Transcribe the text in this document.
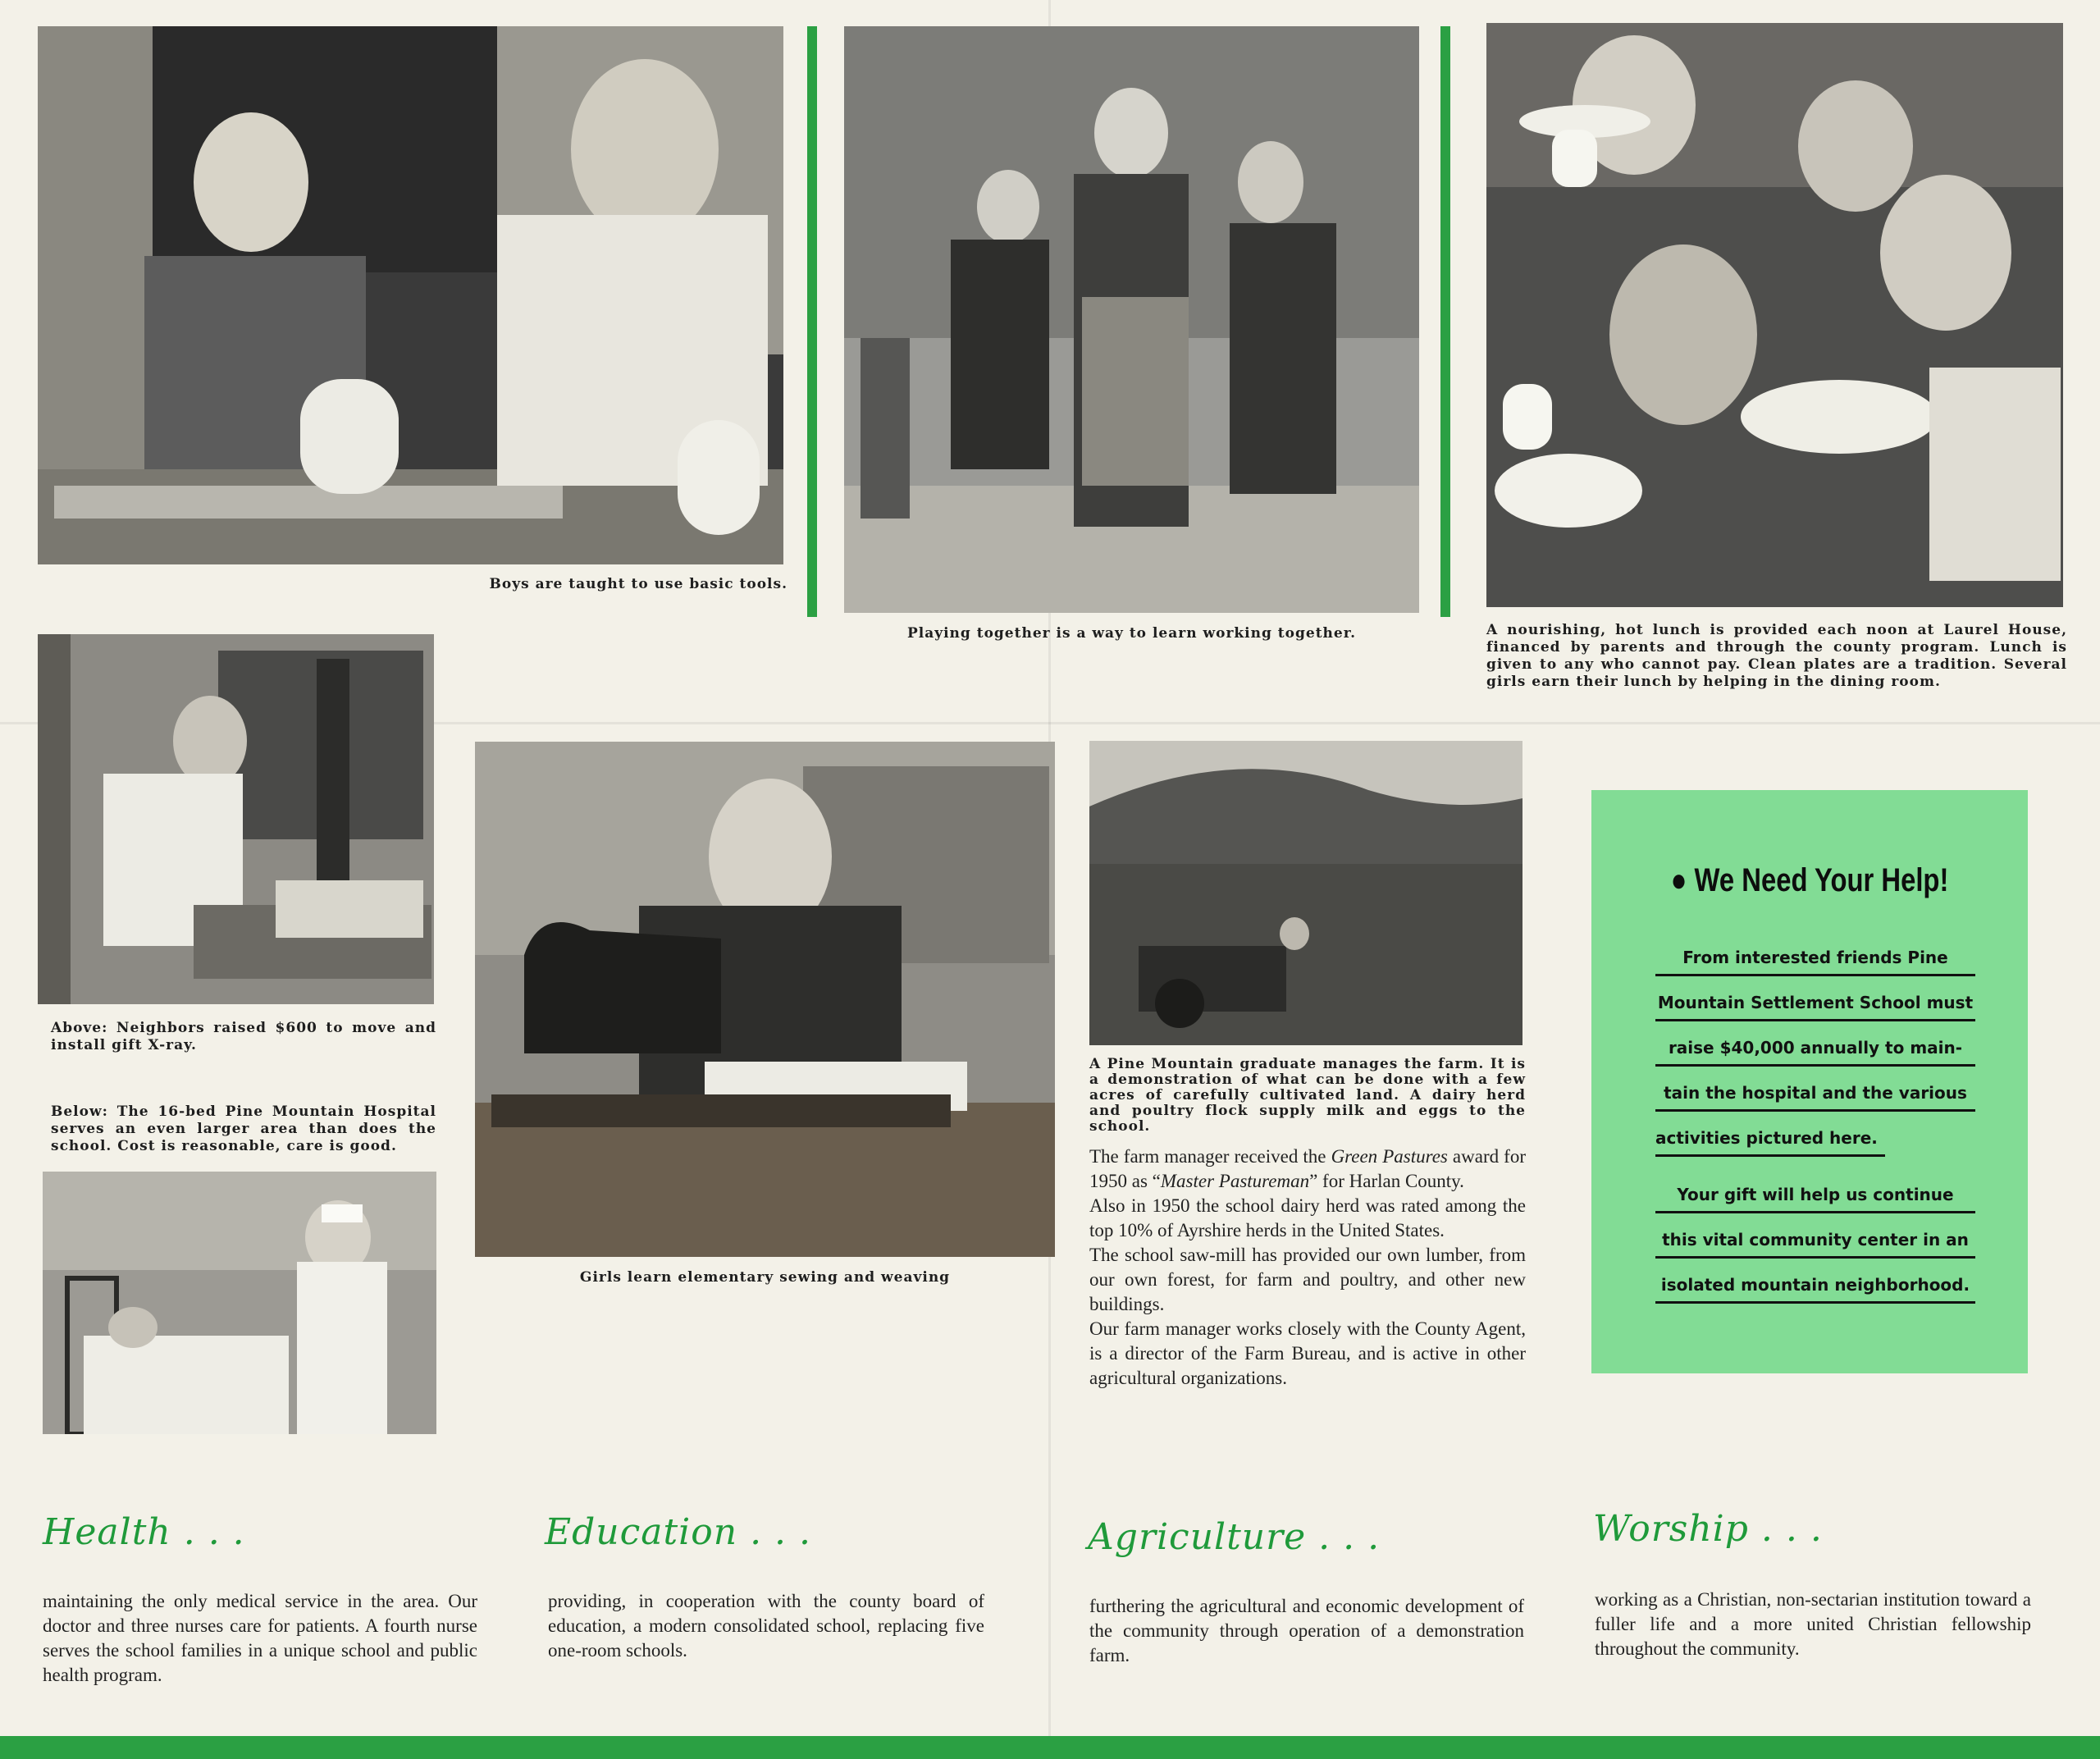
Boys are taught to use basic tools.
Playing together is a way to learn working together.	A nourishing, hot lunch is provided each noon at Laurel House, financed by parents and through the county program. Lunch is given to any who cannot pay. Clean plates are a tradition. Several girls earn their lunch by helping in the dining room.
Above: Neighbors raised $600 to move and install gift X-ray.
Below: The 16-bed Pine Mountain Hospital serves an even larger area than does the school. Cost is reasonable, care is good.
Girls learn elementary sewing and weaving
A Pine Mountain graduate manages the farm. It is a demonstration of what can be done with a few acres of carefully cultivated land. A dairy herd and poultry flock supply milk and eggs to the school.

The farm manager received the Green Pastures award for 1950 as “Master Pastureman” for Harlan County.

Also in 1950 the school dairy herd was rated among the top 10% of Ayrshire herds in the United States.

The school saw-mill has provided our own lumber, from our own forest, for farm and poultry, and other new buildings.

Our farm manager works closely with the County Agent, is a director of the Farm Bureau, and is active in other agricultural organizations.

● We Need Your Help!
From interested friends Pine
Mountain Settlement School must
raise $40,000 annually to main-
tain the hospital and the various
activities pictured here.
Your gift will help us continue
this vital community center in an
isolated mountain neighborhood.
Health . . .
maintaining the only medical service in the area. Our doctor and three nurses care for patients. A fourth nurse serves the school families in a unique school and public health program.
Education . . .
providing, in cooperation with the county board of education, a modern consolidated school, replacing five one-room schools.
Agriculture . . .
furthering the agricultural and economic development of the community through operation of a demonstration farm.
Worship . . .
working as a Christian, non-sectarian institution toward a fuller life and a more united Christian fellowship throughout the community.
